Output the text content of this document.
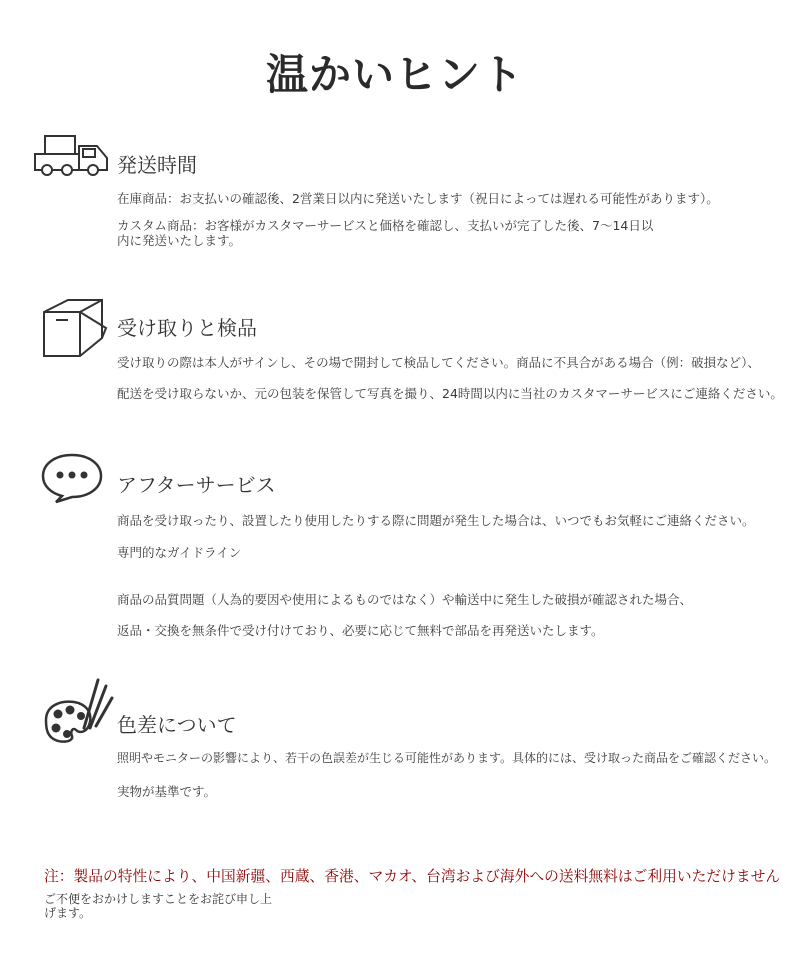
温かいヒント
発送時間
在庫商品：お支払いの確認後、2営業日以内に発送いたします（祝日によっては遅れる可能性があります）。
カスタム商品：お客様がカスタマーサービスと価格を確認し、支払いが完了した後、7〜14日以内に発送いたします。
受け取りと検品
受け取りの際は本人がサインし、その場で開封して検品してください。商品に不具合がある場合（例：破損など）、
配送を受け取らないか、元の包装を保管して写真を撮り、24時間以内に当社のカスタマーサービスにご連絡ください。
アフターサービス
商品を受け取ったり、設置したり使用したりする際に問題が発生した場合は、いつでもお気軽にご連絡ください。
専門的なガイドライン
商品の品質問題（人為的要因や使用によるものではなく）や輸送中に発生した破損が確認された場合、
返品・交換を無条件で受け付けており、必要に応じて無料で部品を再発送いたします。
色差について
照明やモニターの影響により、若干の色誤差が生じる可能性があります。具体的には、受け取った商品をご確認ください。
実物が基準です。
注：製品の特性により、中国新疆、西蔵、香港、マカオ、台湾および海外への送料無料はご利用いただけません
ご不便をおかけしますことをお詫び申し上げます。
